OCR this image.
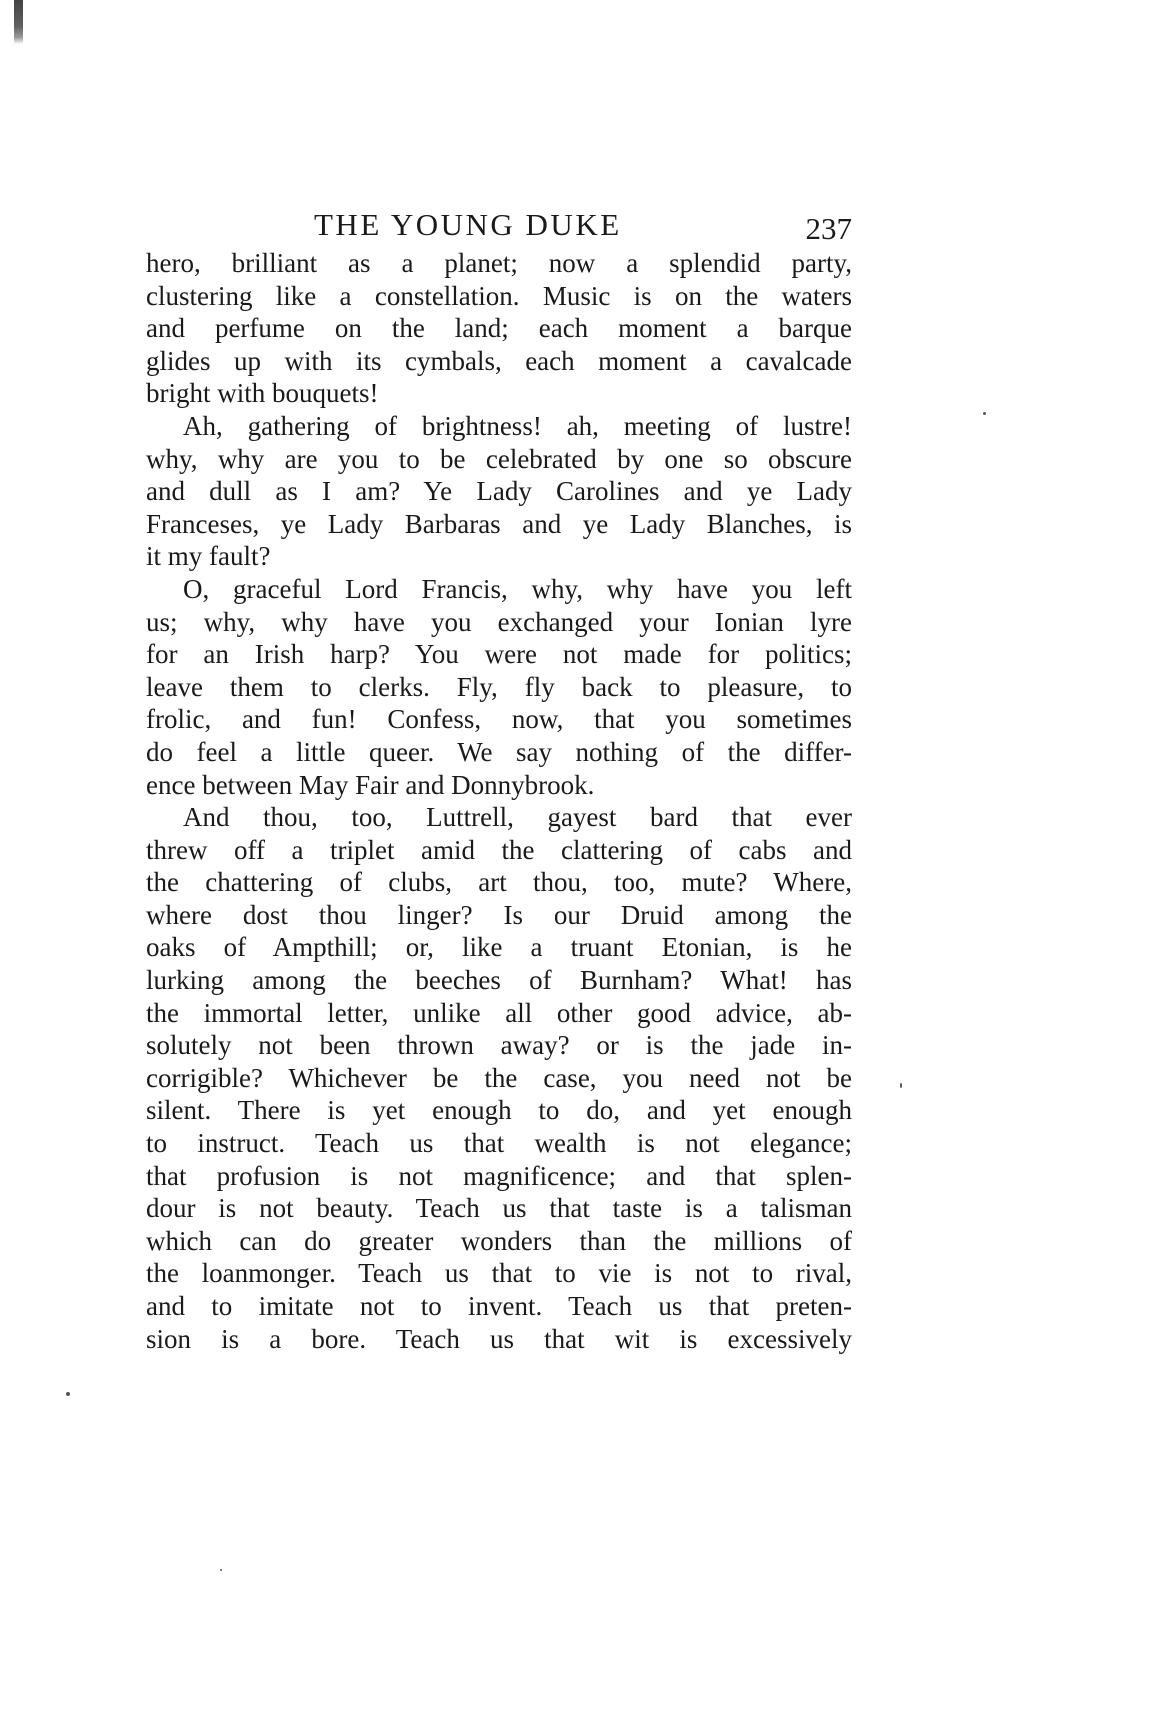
THE YOUNG DUKE	237
hero, brilliant as a planet; now a splendid party,
clustering like a constellation. Music is on the waters
and perfume on the land; each moment a barque
glides up with its cymbals, each moment a cavalcade
bright with bouquets!
Ah, gathering of brightness! ah, meeting of lustre!
why, why are you to be celebrated by one so obscure
and dull as I am? Ye Lady Carolines and ye Lady
Franceses, ye Lady Barbaras and ye Lady Blanches, is
it my fault?
O, graceful Lord Francis, why, why have you left
us; why, why have you exchanged your Ionian lyre
for an Irish harp? You were not made for politics;
leave them to clerks. Fly, fly back to pleasure, to
frolic, and fun! Confess, now, that you sometimes
do feel a little queer. We say nothing of the differ-
ence between May Fair and Donnybrook.
And thou, too, Luttrell, gayest bard that ever
threw off a triplet amid the clattering of cabs and
the chattering of clubs, art thou, too, mute? Where,
where dost thou linger? Is our Druid among the
oaks of Ampthill; or, like a truant Etonian, is he
lurking among the beeches of Burnham? What! has
the immortal letter, unlike all other good advice, ab-
solutely not been thrown away? or is the jade in-
corrigible? Whichever be the case, you need not be
silent. There is yet enough to do, and yet enough
to instruct. Teach us that wealth is not elegance;
that profusion is not magnificence; and that splen-
dour is not beauty. Teach us that taste is a talisman
which can do greater wonders than the millions of
the loanmonger. Teach us that to vie is not to rival,
and to imitate not to invent. Teach us that preten-
sion is a bore. Teach us that wit is excessively
